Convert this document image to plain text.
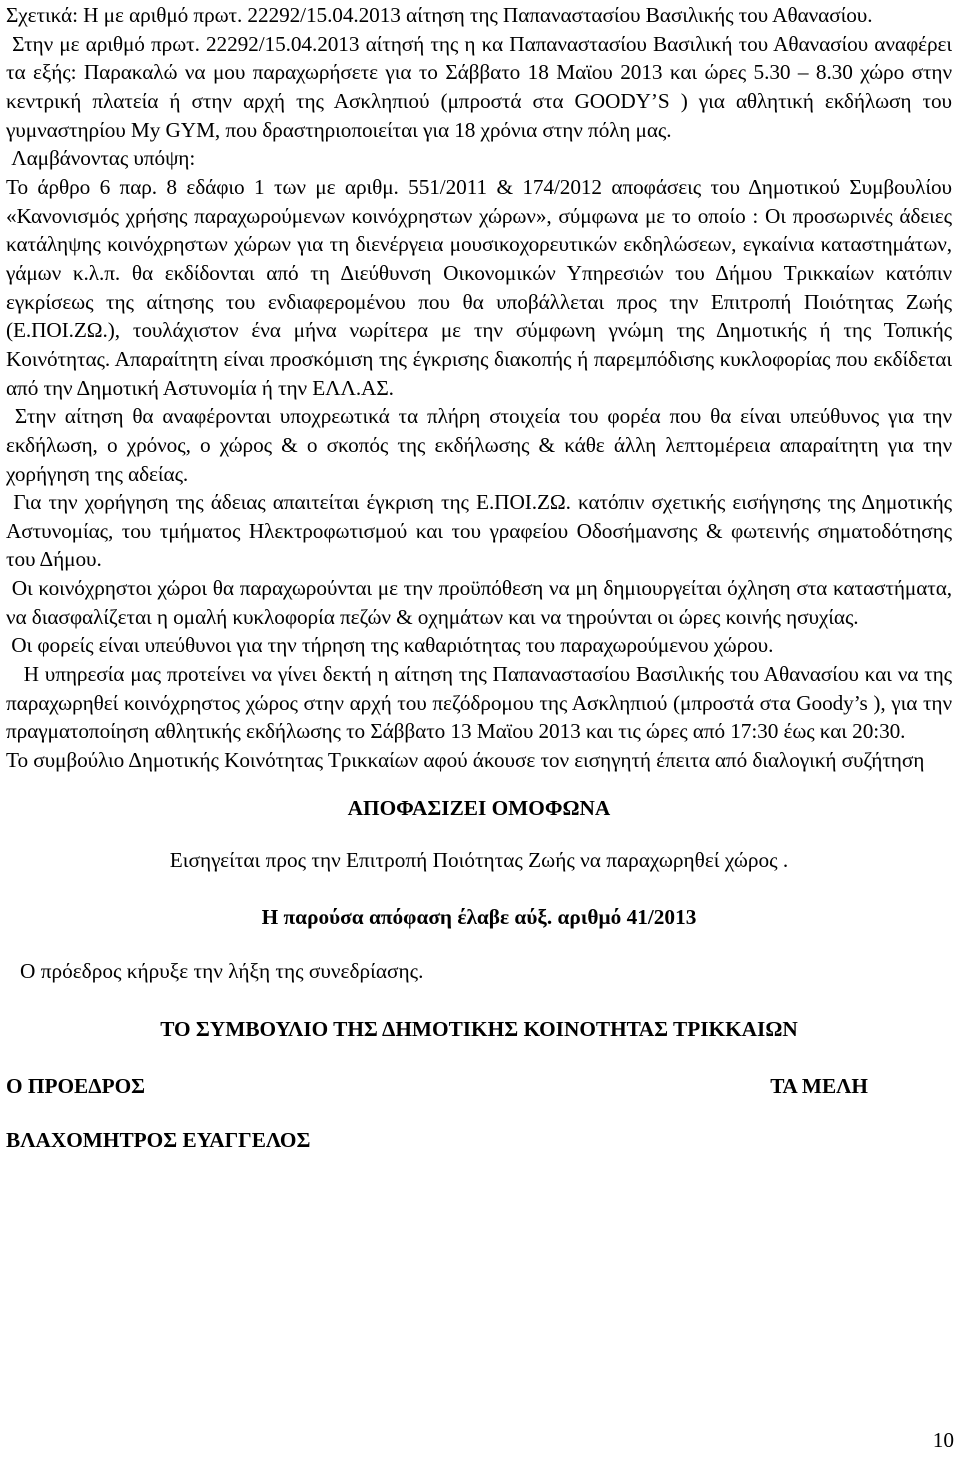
Σχετικά: Η με αριθμό πρωτ. 22292/15.04.2013 αίτηση της Παπαναστασίου Βασιλικής του Αθανασίου.

Στην με αριθμό πρωτ. 22292/15.04.2013 αίτησή της η κα Παπαναστασίου Βασιλική του Αθανασίου αναφέρει τα εξής: Παρακαλώ να μου παραχωρήσετε για το Σάββατο 18 Μαϊου 2013 και ώρες 5.30 – 8.30 χώρο στην κεντρική πλατεία ή στην αρχή της Ασκληπιού (μπροστά στα GOODY’S ) για αθλητική εκδήλωση του γυμναστηρίου My GYM, που δραστηριοποιείται για 18 χρόνια στην πόλη μας.

Λαμβάνοντας υπόψη:

Το άρθρο 6 παρ. 8 εδάφιο 1 των με αριθμ. 551/2011 & 174/2012 αποφάσεις του Δημοτικού Συμβουλίου «Κανονισμός χρήσης παραχωρούμενων κοινόχρηστων χώρων», σύμφωνα με το οποίο : Οι προσωρινές άδειες κατάληψης κοινόχρηστων χώρων για τη διενέργεια μουσικοχορευτικών εκδηλώσεων, εγκαίνια καταστημάτων, γάμων κ.λ.π. θα εκδίδονται από τη Διεύθυνση Οικονομικών Υπηρεσιών του Δήμου Τρικκαίων κατόπιν εγκρίσεως της αίτησης του ενδιαφερομένου που θα υποβάλλεται προς την Επιτροπή Ποιότητας Ζωής (Ε.ΠΟΙ.ΖΩ.), τουλάχιστον ένα μήνα νωρίτερα με την σύμφωνη γνώμη της Δημοτικής ή της Τοπικής Κοινότητας. Απαραίτητη είναι προσκόμιση της έγκρισης διακοπής ή παρεμπόδισης κυκλοφορίας που εκδίδεται από την Δημοτική Αστυνομία ή την ΕΛΛ.ΑΣ.

Στην αίτηση θα αναφέρονται υποχρεωτικά τα πλήρη στοιχεία του φορέα που θα είναι υπεύθυνος για την εκδήλωση, ο χρόνος, ο χώρος & ο σκοπός της εκδήλωσης & κάθε άλλη λεπτομέρεια απαραίτητη για την χορήγηση της αδείας.

Για την χορήγηση της άδειας απαιτείται έγκριση της Ε.ΠΟΙ.ΖΩ. κατόπιν σχετικής εισήγησης της Δημοτικής Αστυνομίας, του τμήματος Ηλεκτροφωτισμού και του γραφείου Οδοσήμανσης & φωτεινής σηματοδότησης του Δήμου.

Οι κοινόχρηστοι χώροι θα παραχωρούνται με την προϋπόθεση να μη δημιουργείται όχληση στα καταστήματα, να διασφαλίζεται η ομαλή κυκλοφορία πεζών & οχημάτων και να τηρούνται οι ώρες κοινής ησυχίας.

Οι φορείς είναι υπεύθυνοι για την τήρηση της καθαριότητας του παραχωρούμενου χώρου.

Η υπηρεσία μας προτείνει να γίνει δεκτή η αίτηση της Παπαναστασίου Βασιλικής του Αθανασίου και να της παραχωρηθεί κοινόχρηστος χώρος στην αρχή του πεζόδρομου της Ασκληπιού (μπροστά στα Goody’s ), για την πραγματοποίηση αθλητικής εκδήλωσης το Σάββατο 13 Μαϊου 2013 και τις ώρες από 17:30 έως και 20:30.

Το συμβούλιο Δημοτικής Κοινότητας Τρικκαίων αφού άκουσε τον εισηγητή έπειτα από διαλογική συζήτηση

ΑΠΟΦΑΣΙΖΕΙ ΟΜΟΦΩΝΑ
Εισηγείται προς την Επιτροπή Ποιότητας Ζωής να παραχωρηθεί χώρος .
Η παρούσα απόφαση έλαβε αύξ. αριθμό 41/2013
Ο πρόεδρος κήρυξε την λήξη της συνεδρίασης.
ΤΟ ΣΥΜΒΟΥΛΙΟ ΤΗΣ ΔΗΜΟΤΙΚΗΣ ΚΟΙΝΟΤΗΤΑΣ ΤΡΙΚΚΑΙΩΝ
Ο ΠΡΟΕΔΡΟΣ	ΤΑ ΜΕΛΗ
ΒΛΑΧΟΜΗΤΡΟΣ ΕΥΑΓΓΕΛΟΣ
10
